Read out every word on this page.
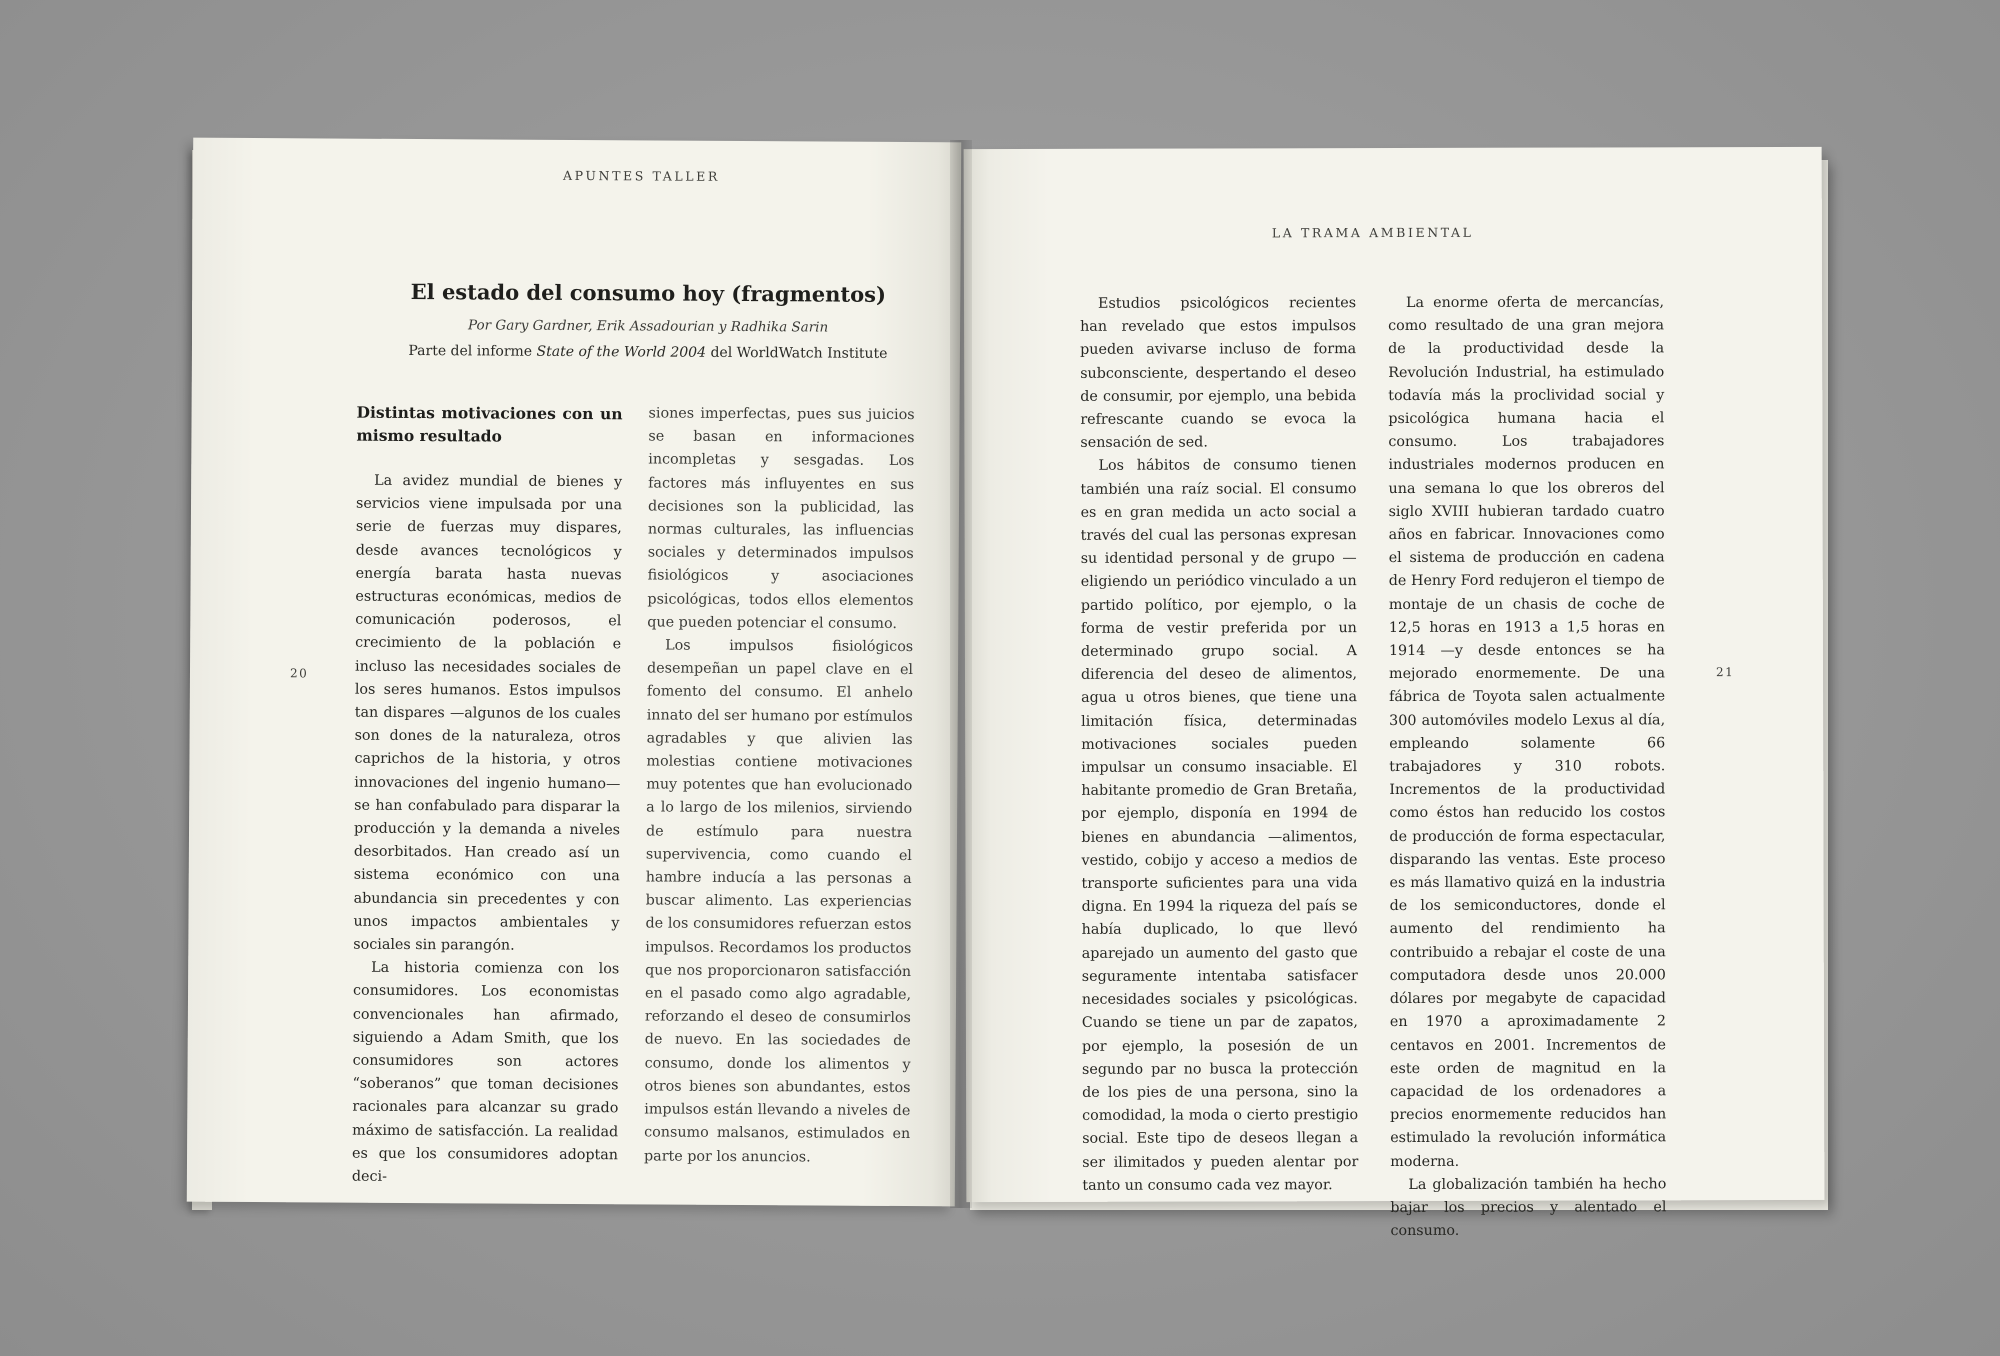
APUNTES TALLER
20
El estado del consumo hoy (fragmentos)
Por Gary Gardner, Erik Assadourian y Radhika Sarin
Parte del informe State of the World 2004 del WorldWatch Institute
Distintas motivaciones con un mismo resultado

La avidez mundial de bienes y servicios viene impulsada por una serie de fuerzas muy dispares, desde avances tecnológicos y energía barata hasta nuevas estructuras económicas, medios de comunicación poderosos, el crecimiento de la población e incluso las necesidades sociales de los seres humanos. Estos impulsos tan dispares —algunos de los cuales son dones de la naturaleza, otros caprichos de la historia, y otros innovaciones del ingenio humano— se han confabulado para disparar la producción y la demanda a niveles desorbitados. Han creado así un sistema económico con una abundancia sin precedentes y con unos impactos ambientales y sociales sin parangón.

La historia comienza con los consumidores. Los economistas convencionales han afirmado, siguiendo a Adam Smith, que los consumidores son actores “soberanos” que toman decisiones racionales para alcanzar su grado máximo de satisfacción. La realidad es que los consumidores adoptan deci-

siones imperfectas, pues sus juicios se basan en informaciones incompletas y sesgadas. Los factores más influyentes en sus decisiones son la publicidad, las normas culturales, las influencias sociales y determinados impulsos fisiológicos y asociaciones psicológicas, todos ellos elementos que pueden potenciar el consumo.

Los impulsos fisiológicos desempeñan un papel clave en el fomento del consumo. El anhelo innato del ser humano por estímulos agradables y que alivien las molestias contiene motivaciones muy potentes que han evolucionado a lo largo de los milenios, sirviendo de estímulo para nuestra supervivencia, como cuando el hambre inducía a las personas a buscar alimento. Las experiencias de los consumidores refuerzan estos impulsos. Recordamos los productos que nos proporcionaron satisfacción en el pasado como algo agradable, reforzando el deseo de consumirlos de nuevo. En las sociedades de consumo, donde los alimentos y otros bienes son abundantes, estos impulsos están llevando a niveles de consumo malsanos, estimulados en parte por los anuncios.

LA TRAMA AMBIENTAL
21

Estudios psicológicos recientes han revelado que estos impulsos pueden avivarse incluso de forma subconsciente, despertando el deseo de consumir, por ejemplo, una bebida refrescante cuando se evoca la sensación de sed.

Los hábitos de consumo tienen también una raíz social. El consumo es en gran medida un acto social a través del cual las personas expresan su identidad personal y de grupo —eligiendo un periódico vinculado a un partido político, por ejemplo, o la forma de vestir preferida por un determinado grupo social. A diferencia del deseo de alimentos, agua u otros bienes, que tiene una limitación física, determinadas motivaciones sociales pueden impulsar un consumo insaciable. El habitante promedio de Gran Bretaña, por ejemplo, disponía en 1994 de bienes en abundancia —alimentos, vestido, cobijo y acceso a medios de transporte suficientes para una vida digna. En 1994 la riqueza del país se había duplicado, lo que llevó aparejado un aumento del gasto que seguramente intentaba satisfacer necesidades sociales y psicológicas. Cuando se tiene un par de zapatos, por ejemplo, la posesión de un segundo par no busca la protección de los pies de una persona, sino la comodidad, la moda o cierto prestigio social. Este tipo de deseos llegan a ser ilimitados y pueden alentar por tanto un consumo cada vez mayor.

La enorme oferta de mercancías, como resultado de una gran mejora de la productividad desde la Revolución Industrial, ha estimulado todavía más la proclividad social y psicológica humana hacia el consumo. Los trabajadores industriales modernos producen en una semana lo que los obreros del siglo XVIII hubieran tardado cuatro años en fabricar. Innovaciones como el sistema de producción en cadena de Henry Ford redujeron el tiempo de montaje de un chasis de coche de 12,5 horas en 1913 a 1,5 horas en 1914 —y desde entonces se ha mejorado enormemente. De una fábrica de Toyota salen actualmente 300 automóviles modelo Lexus al día, empleando solamente 66 trabajadores y 310 robots. Incrementos de la productividad como éstos han reducido los costos de producción de forma espectacular, disparando las ventas. Este proceso es más llamativo quizá en la industria de los semiconductores, donde el aumento del rendimiento ha contribuido a rebajar el coste de una computadora desde unos 20.000 dólares por megabyte de capacidad en 1970 a aproximadamente 2 centavos en 2001. Incrementos de este orden de magnitud en la capacidad de los ordenadores a precios enormemente reducidos han estimulado la revolución informática moderna.

La globalización también ha hecho bajar los precios y alentado el consumo.
